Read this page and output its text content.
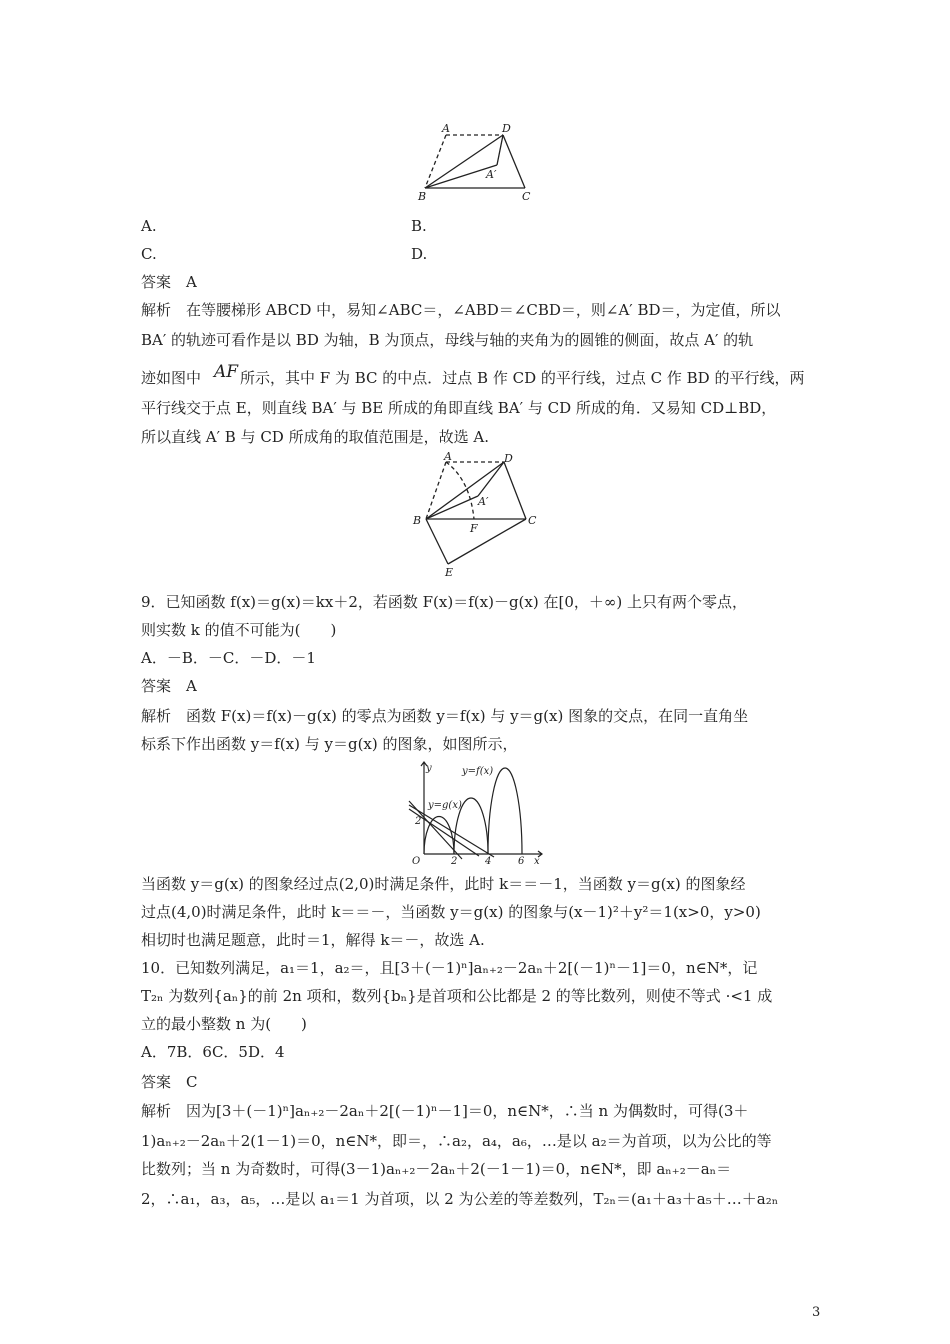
A	D
A′
B	C
A.	B.
C.	D.
答案　A
解析　在等腰梯形 ABCD 中，易知∠ABC＝，∠ABD＝∠CBD＝，则∠A′ BD＝，为定值，所以
BA′ 的轨迹可看作是以 BD 为轴，B 为顶点，母线与轴的夹角为的圆锥的侧面，故点 A′ 的轨
迹如图中 AF 所示，其中 F 为 BC 的中点．过点 B 作 CD 的平行线，过点 C 作 BD 的平行线，两
平行线交于点 E，则直线 BA′ 与 BE 所成的角即直线 BA′ 与 CD 所成的角．又易知 CD⊥BD，
所以直线 A′ B 与 CD 所成角的取值范围是，故选 A.
A	D
A′
B
F
C
E
9．已知函数 f(x)＝g(x)＝kx＋2，若函数 F(x)＝f(x)－g(x) 在[0，＋∞) 上只有两个零点，
则实数 k 的值不可能为(　　)
A．－B．－C．－D．－1
答案　A
解析　函数 F(x)＝f(x)－g(x) 的零点为函数 y＝f(x) 与 y＝g(x) 图象的交点，在同一直角坐
标系下作出函数 y＝f(x) 与 y＝g(x) 的图象，如图所示，
y	y=f(x)
y=g(x)
2
O	2	4	6 x
当函数 y＝g(x) 的图象经过点(2,0)时满足条件，此时 k＝＝－1，当函数 y＝g(x) 的图象经
过点(4,0)时满足条件，此时 k＝＝－，当函数 y＝g(x) 的图象与(x－1)²＋y²＝1(x>0，y>0)
相切时也满足题意，此时＝1，解得 k＝－，故选 A.
10．已知数列满足，a₁＝1，a₂＝，且[3＋(－1)ⁿ]aₙ₊₂－2aₙ＋2[(－1)ⁿ－1]＝0，n∈N*，记
T₂ₙ 为数列{aₙ}的前 2n 项和，数列{bₙ}是首项和公比都是 2 的等比数列，则使不等式 ·<1 成
立的最小整数 n 为(　　)
A．7B．6C．5D．4
答案　C
解析　因为[3＋(－1)ⁿ]aₙ₊₂－2aₙ＋2[(－1)ⁿ－1]＝0，n∈N*，∴当 n 为偶数时，可得(3＋
1)aₙ₊₂－2aₙ＋2(1－1)＝0，n∈N*，即＝，∴a₂，a₄，a₆，…是以 a₂＝为首项，以为公比的等
比数列；当 n 为奇数时，可得(3－1)aₙ₊₂－2aₙ＋2(－1－1)＝0，n∈N*，即 aₙ₊₂－aₙ＝
2，∴a₁，a₃，a₅，…是以 a₁＝1 为首项，以 2 为公差的等差数列，T₂ₙ＝(a₁＋a₃＋a₅＋…＋a₂ₙ
3
